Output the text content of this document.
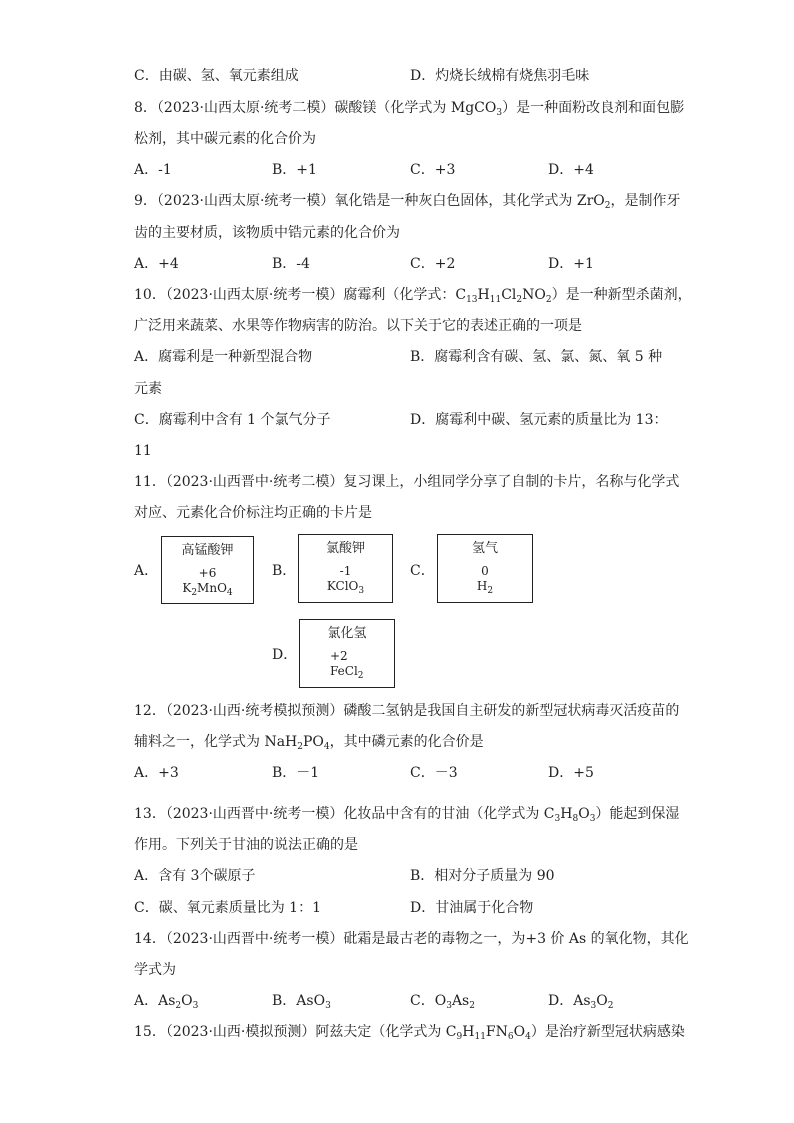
C．由碳、氢、氧元素组成	D．灼烧长绒棉有烧焦羽毛味
8．（2023·山西太原·统考二模）碳酸镁（化学式为 MgCO$_3$）是一种面粉改良剂和面包膨
松剂，其中碳元素的化合价为
A．-1	B．+1	C．+3	D．+4
9．（2023·山西太原·统考一模）氧化锆是一种灰白色固体，其化学式为 ZrO$_2$，是制作牙
齿的主要材质，该物质中锆元素的化合价为
A．+4	B．-4	C．+2	D．+1
10．（2023·山西太原·统考一模）腐霉利（化学式：$C_{13}H_{11}Cl_2NO_2$）是一种新型杀菌剂，
广泛用来蔬菜、水果等作物病害的防治。以下关于它的表述正确的一项是
A．腐霉利是一种新型混合物	B．腐霉利含有碳、氢、氯、氮、氧 5 种
元素
C．腐霉利中含有 1 个氯气分子	D．腐霉利中碳、氢元素的质量比为 13：
11
11．（2023·山西晋中·统考二模）复习课上，小组同学分享了自制的卡片，名称与化学式
对应、元素化合价标注均正确的卡片是
A．
高锰酸钾
+6
$K_2MnO_4$
B．
氯酸钾
-1
KClO$_3$
C．
氢气
0
$H_2$
D．
氯化氢
+2
FeCl$_2$
12．（2023·山西·统考模拟预测）磷酸二氢钠是我国自主研发的新型冠状病毒灭活疫苗的
辅料之一，化学式为 $NaH_2PO_4$，其中磷元素的化合价是
A．+3	B．－1	C．－3	D．+5
13．（2023·山西晋中·统考一模）化妆品中含有的甘油（化学式为 $C_3H_8O_3$）能起到保湿
作用。下列关于甘油的说法正确的是
A．含有 3个碳原子	B．相对分子质量为 90
C．碳、氧元素质量比为 1：1	D．甘油属于化合物
14．（2023·山西晋中·统考一模）砒霜是最古老的毒物之一，为+3 价 As 的氧化物，其化
学式为
A．$As_2O_3$	B．AsO$_3$	C．$O_3As_2$	D．$As_3O_2$
15．（2023·山西·模拟预测）阿兹夫定（化学式为 $C_9H_{11}FN_6O_4$）是治疗新型冠状病感染
